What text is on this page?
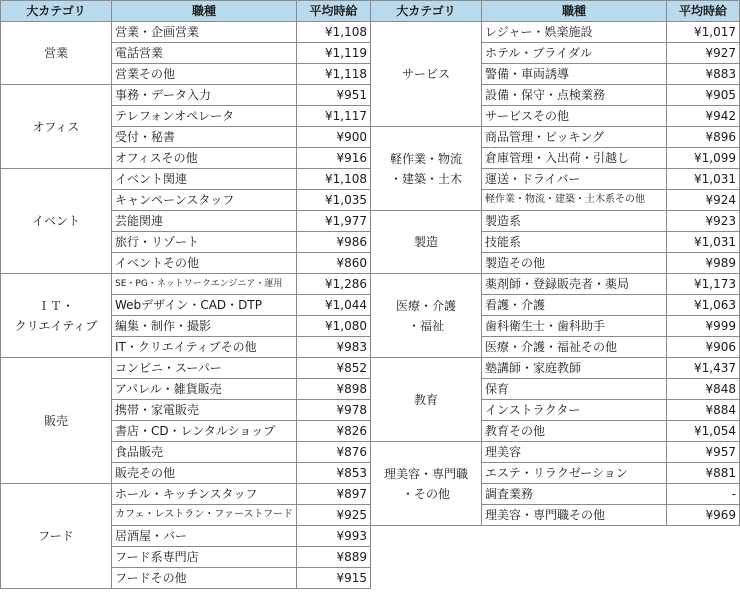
大カテゴリ	職種	平均時給

営業	営業・企画営業	¥1,108
	電話営業	¥1,119
	営業その他	¥1,118

オフィス	事務・データ入力	¥951
	テレフォンオペレータ	¥1,117
	受付・秘書	¥900
	オフィスその他	¥916

イベント	イベント関連	¥1,108
	キャンペーンスタッフ	¥1,035
	芸能関連	¥1,977
	旅行・リゾート	¥986
	イベントその他	¥860

ＩＴ・
クリエイティブ	SE・PG・ネットワークエンジニア・運用	¥1,286
	Webデザイン・CAD・DTP	¥1,044
	編集・制作・撮影	¥1,080
	IT・クリエイティブその他	¥983

販売	コンビニ・スーパー	¥852
	アパレル・雑貨販売	¥898
	携帯・家電販売	¥978
	書店・CD・レンタルショップ	¥826
	食品販売	¥876
	販売その他	¥853

フード	ホール・キッチンスタッフ	¥897
	カフェ・レストラン・ファーストフード	¥925
	居酒屋・バー	¥993
	フード系専門店	¥889
	フードその他	¥915
大カテゴリ	職種	平均時給

サービス	レジャー・娯楽施設	¥1,017
	ホテル・ブライダル	¥927
	警備・車両誘導	¥883
	設備・保守・点検業務	¥905
	サービスその他	¥942

軽作業・物流
・建築・土木	商品管理・ピッキング	¥896
	倉庫管理・入出荷・引越し	¥1,099
	運送・ドライバー	¥1,031
	軽作業・物流・建築・土木系その他	¥924

製造	製造系	¥923
	技能系	¥1,031
	製造その他	¥989

医療・介護
・福祉	薬剤師・登録販売者・薬局	¥1,173
	看護・介護	¥1,063
	歯科衛生士・歯科助手	¥999
	医療・介護・福祉その他	¥906

教育	塾講師・家庭教師	¥1,437
	保育	¥848
	インストラクター	¥884
	教育その他	¥1,054

理美容・専門職
・その他	理美容	¥957
	エステ・リラクゼーション	¥881
	調査業務	-
	理美容・専門職その他	¥969
